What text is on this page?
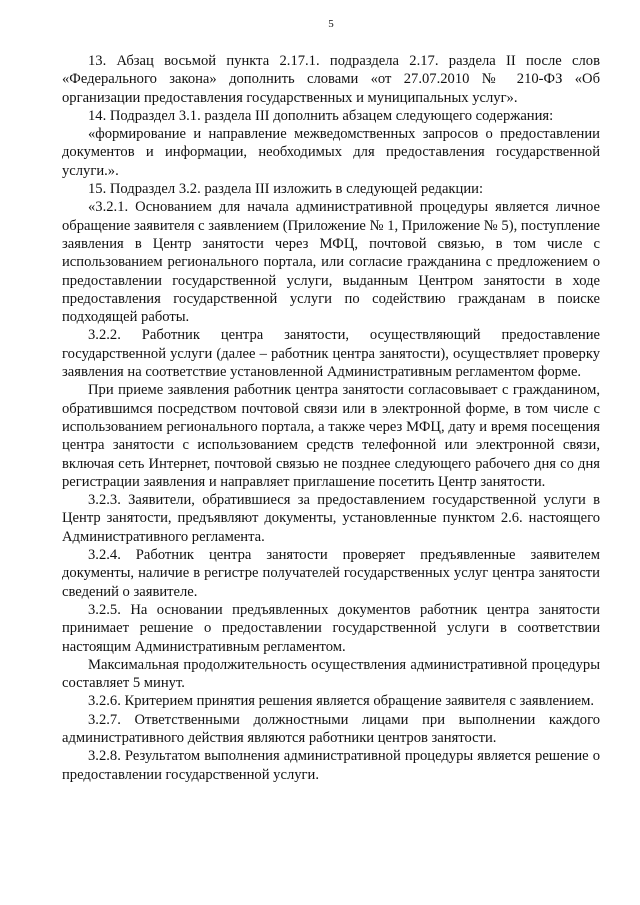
5

13. Абзац восьмой пункта 2.17.1. подраздела 2.17. раздела II после слов «Федерального закона» дополнить словами «от 27.07.2010 № 210-ФЗ «Об организации предоставления государственных и муниципальных услуг».

14. Подраздел 3.1. раздела III дополнить абзацем следующего содержания:

«формирование и направление межведомственных запросов о предоставлении документов и информации, необходимых для предоставления государственной услуги.».

15. Подраздел 3.2. раздела III изложить в следующей редакции:

«3.2.1. Основанием для начала административной процедуры является личное обращение заявителя с заявлением (Приложение № 1, Приложение № 5), поступление заявления в Центр занятости через МФЦ, почтовой связью, в том числе с использованием регионального портала, или согласие гражданина с предложением о предоставлении государственной услуги, выданным Центром занятости в ходе предоставления государственной услуги по содействию гражданам в поиске подходящей работы.

3.2.2. Работник центра занятости, осуществляющий предоставление государственной услуги (далее – работник центра занятости), осуществляет проверку заявления на соответствие установленной Административным регламентом форме.

При приеме заявления работник центра занятости согласовывает с гражданином, обратившимся посредством почтовой связи или в электронной форме, в том числе с использованием регионального портала, а также через МФЦ, дату и время посещения центра занятости с использованием средств телефонной или электронной связи, включая сеть Интернет, почтовой связью не позднее следующего рабочего дня со дня регистрации заявления и направляет приглашение посетить Центр занятости.

3.2.3. Заявители, обратившиеся за предоставлением государственной услуги в Центр занятости, предъявляют документы, установленные пунктом 2.6. настоящего Административного регламента.

3.2.4. Работник центра занятости проверяет предъявленные заявителем документы, наличие в регистре получателей государственных услуг центра занятости сведений о заявителе.

3.2.5. На основании предъявленных документов работник центра занятости принимает решение о предоставлении государственной услуги в соответствии настоящим Административным регламентом.

Максимальная продолжительность осуществления административной процедуры составляет 5 минут.

3.2.6. Критерием принятия решения является обращение заявителя с заявлением.

3.2.7. Ответственными должностными лицами при выполнении каждого административного действия являются работники центров занятости.

3.2.8. Результатом выполнения административной процедуры является решение о предоставлении государственной услуги.
